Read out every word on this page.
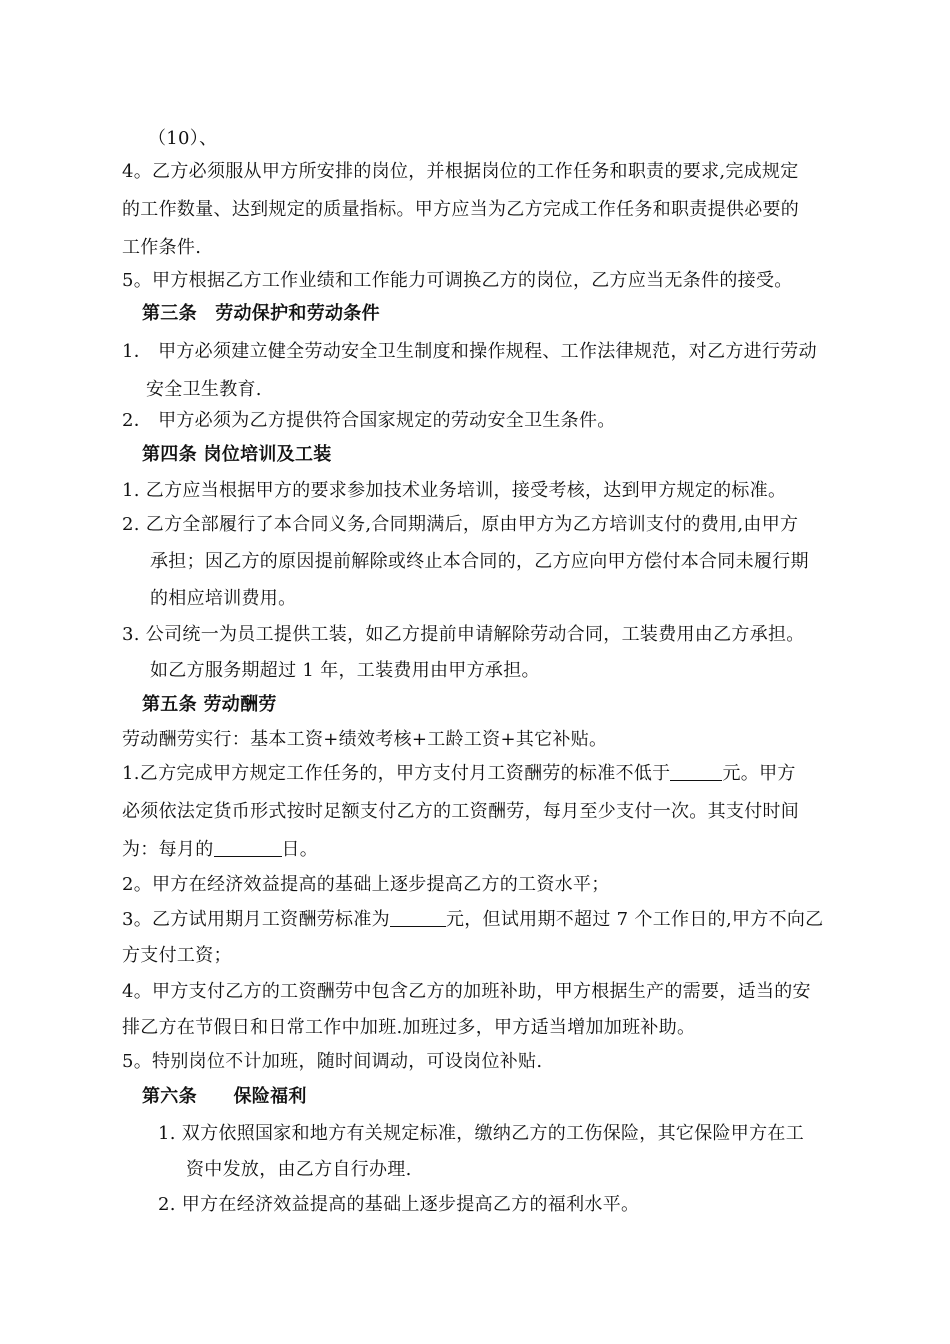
（10）、
4。乙方必须服从甲方所安排的岗位，并根据岗位的工作任务和职责的要求,完成规定
的工作数量、达到规定的质量指标。甲方应当为乙方完成工作任务和职责提供必要的
工作条件.
5。甲方根据乙方工作业绩和工作能力可调换乙方的岗位，乙方应当无条件的接受。
第三条　劳动保护和劳动条件
1． 甲方必须建立健全劳动安全卫生制度和操作规程、工作法律规范，对乙方进行劳动
安全卫生教育.
2． 甲方必须为乙方提供符合国家规定的劳动安全卫生条件。
第四条 岗位培训及工装
1. 乙方应当根据甲方的要求参加技术业务培训，接受考核，达到甲方规定的标准。
2. 乙方全部履行了本合同义务,合同期满后，原由甲方为乙方培训支付的费用,由甲方
承担；因乙方的原因提前解除或终止本合同的，乙方应向甲方偿付本合同未履行期
的相应培训费用。
3. 公司统一为员工提供工装，如乙方提前申请解除劳动合同，工装费用由乙方承担。
如乙方服务期超过 1 年，工装费用由甲方承担。
第五条 劳动酬劳
劳动酬劳实行：基本工资+绩效考核+工龄工资+其它补贴。
1.乙方完成甲方规定工作任务的，甲方支付月工资酬劳的标准不低于	元。甲方
必须依法定货币形式按时足额支付乙方的工资酬劳，每月至少支付一次。其支付时间
为：每月的	日。
2。甲方在经济效益提高的基础上逐步提高乙方的工资水平；
3。乙方试用期月工资酬劳标准为	元，但试用期不超过 7 个工作日的,甲方不向乙
方支付工资；
4。甲方支付乙方的工资酬劳中包含乙方的加班补助，甲方根据生产的需要，适当的安
排乙方在节假日和日常工作中加班.加班过多，甲方适当增加加班补助。
5。特别岗位不计加班，随时间调动，可设岗位补贴.
第六条　　保险福利
1. 双方依照国家和地方有关规定标准，缴纳乙方的工伤保险，其它保险甲方在工
资中发放，由乙方自行办理.
2. 甲方在经济效益提高的基础上逐步提高乙方的福利水平。
